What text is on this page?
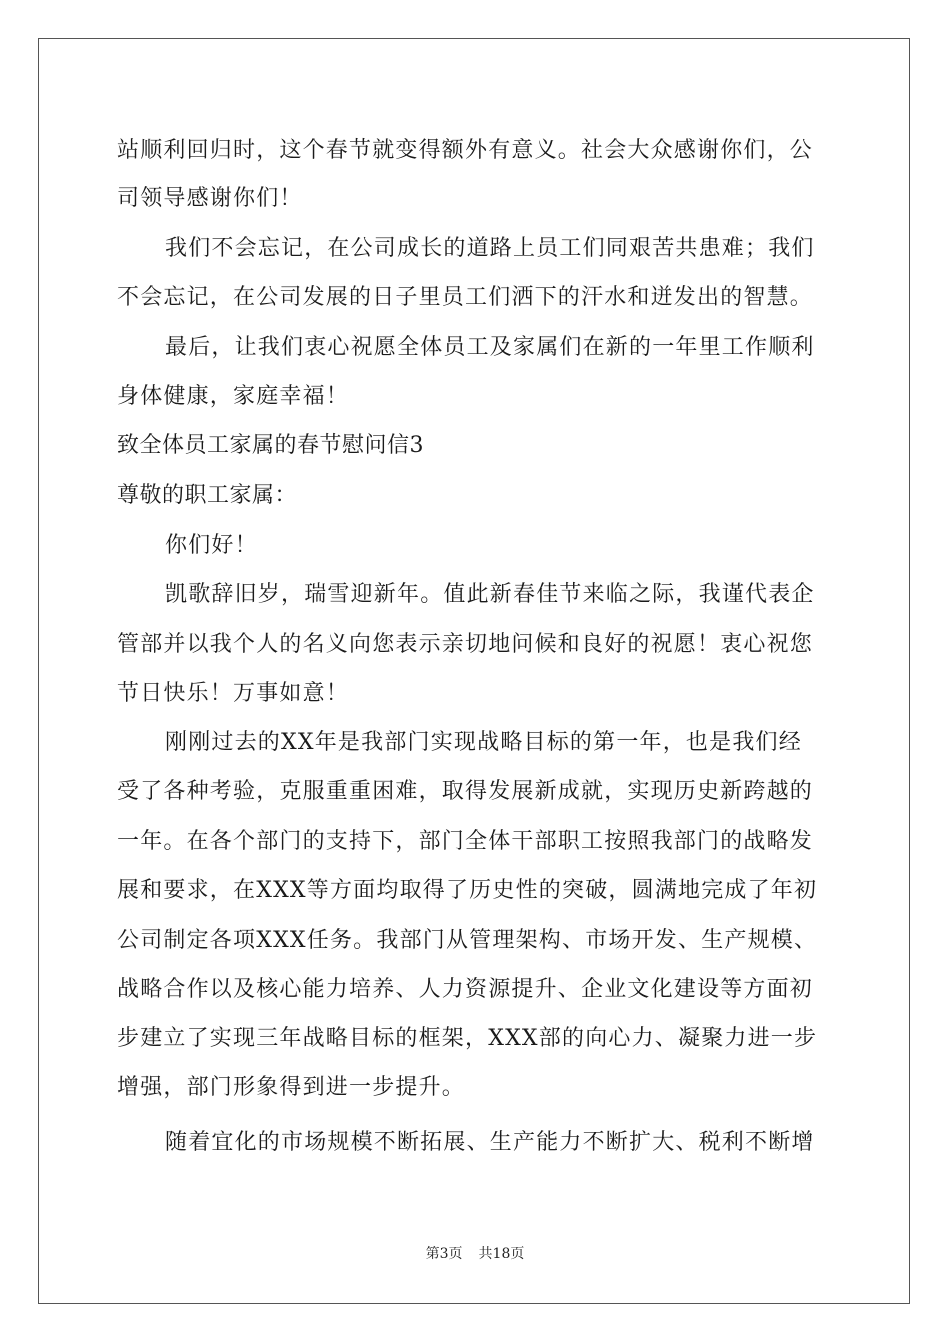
站顺利回归时，这个春节就变得额外有意义。社会大众感谢你们，公
司领导感谢你们！
我们不会忘记，在公司成长的道路上员工们同艰苦共患难；我们
不会忘记，在公司发展的日子里员工们洒下的汗水和迸发出的智慧。
最后，让我们衷心祝愿全体员工及家属们在新的一年里工作顺利
身体健康，家庭幸福！
致全体员工家属的春节慰问信3
尊敬的职工家属：
你们好！
凯歌辞旧岁，瑞雪迎新年。值此新春佳节来临之际，我谨代表企
管部并以我个人的名义向您表示亲切地问候和良好的祝愿！衷心祝您
节日快乐！万事如意！
刚刚过去的XX年是我部门实现战略目标的第一年，也是我们经
受了各种考验，克服重重困难，取得发展新成就，实现历史新跨越的
一年。在各个部门的支持下，部门全体干部职工按照我部门的战略发
展和要求，在XXX等方面均取得了历史性的突破，圆满地完成了年初
公司制定各项XXX任务。我部门从管理架构、市场开发、生产规模、
战略合作以及核心能力培养、人力资源提升、企业文化建设等方面初
步建立了实现三年战略目标的框架，XXX部的向心力、凝聚力进一步
增强，部门形象得到进一步提升。
随着宜化的市场规模不断拓展、生产能力不断扩大、税利不断增
第3页 共18页
